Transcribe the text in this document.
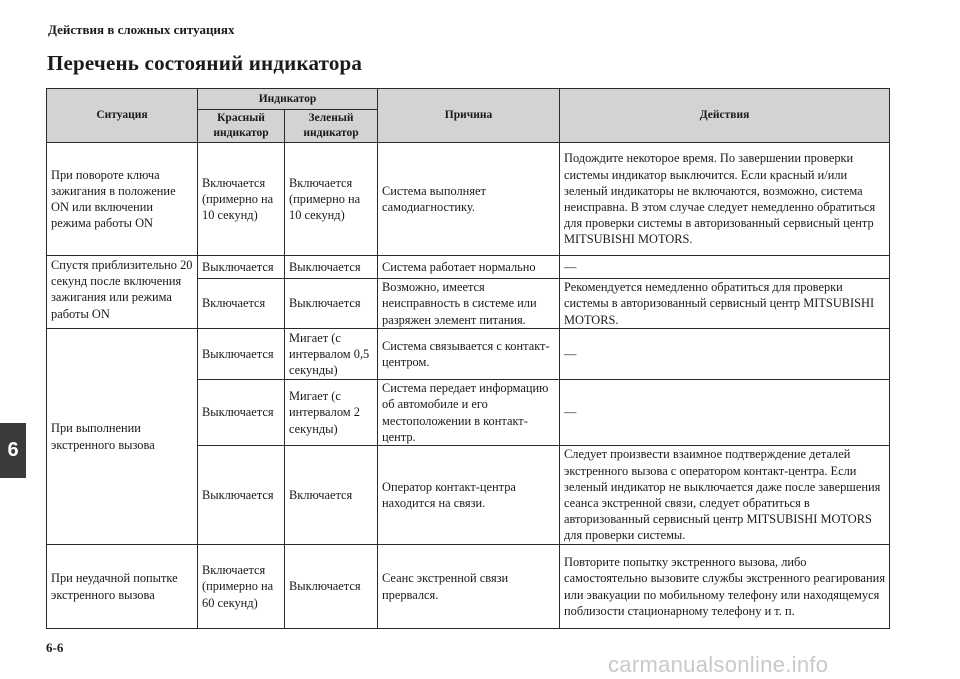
Действия в сложных ситуациях
Перечень состояний индикатора
Ситуация	Индикатор		Причина	Действия
	Красный индикатор	Зеленый индикатор		
При повороте ключа зажигания в положение ON или включении режима работы ON	Включается (примерно на 10 секунд)	Включается (примерно на 10 секунд)	Система выполняет самодиагностику.	Подождите некоторое время. По завершении проверки системы индикатор выключится. Если красный и/или зеленый индикаторы не включаются, возможно, система неисправна. В этом случае следует немедленно обратиться для проверки системы в авторизованный сервисный центр MITSUBISHI MOTORS.
Спустя приблизительно 20 секунд после включения зажигания или режима работы ON	Выключается	Выключается	Система работает нормально	—
	Включается	Выключается	Возможно, имеется неисправность в системе или разряжен элемент питания.	Рекомендуется немедленно обратиться для проверки системы в авторизованный сервисный центр MITSUBISHI MOTORS.
При выполнении экстренного вызова	Выключается	Мигает (с интервалом 0,5 секунды)	Система связывается с контакт-центром.	—
	Выключается	Мигает (с интервалом 2 секунды)	Система передает информацию об автомобиле и его местоположении в контакт-центр.	—
	Выключается	Включается	Оператор контакт-центра находится на связи.	Следует произвести взаимное подтверждение деталей экстренного вызова с оператором контакт-центра. Если зеленый индикатор не выключается даже после завершения сеанса экстренной связи, следует обратиться в авторизованный сервисный центр MITSUBISHI MOTORS для проверки системы.
При неудачной попытке экстренного вызова	Включается (примерно на 60 секунд)	Выключается	Сеанс экстренной связи прервался.	Повторите попытку экстренного вызова, либо самостоятельно вызовите службы экстренного реагирования или эвакуации по мобильному телефону или находящемуся поблизости стационарному телефону и т. п.
6
6-6
carmanualsonline.info
